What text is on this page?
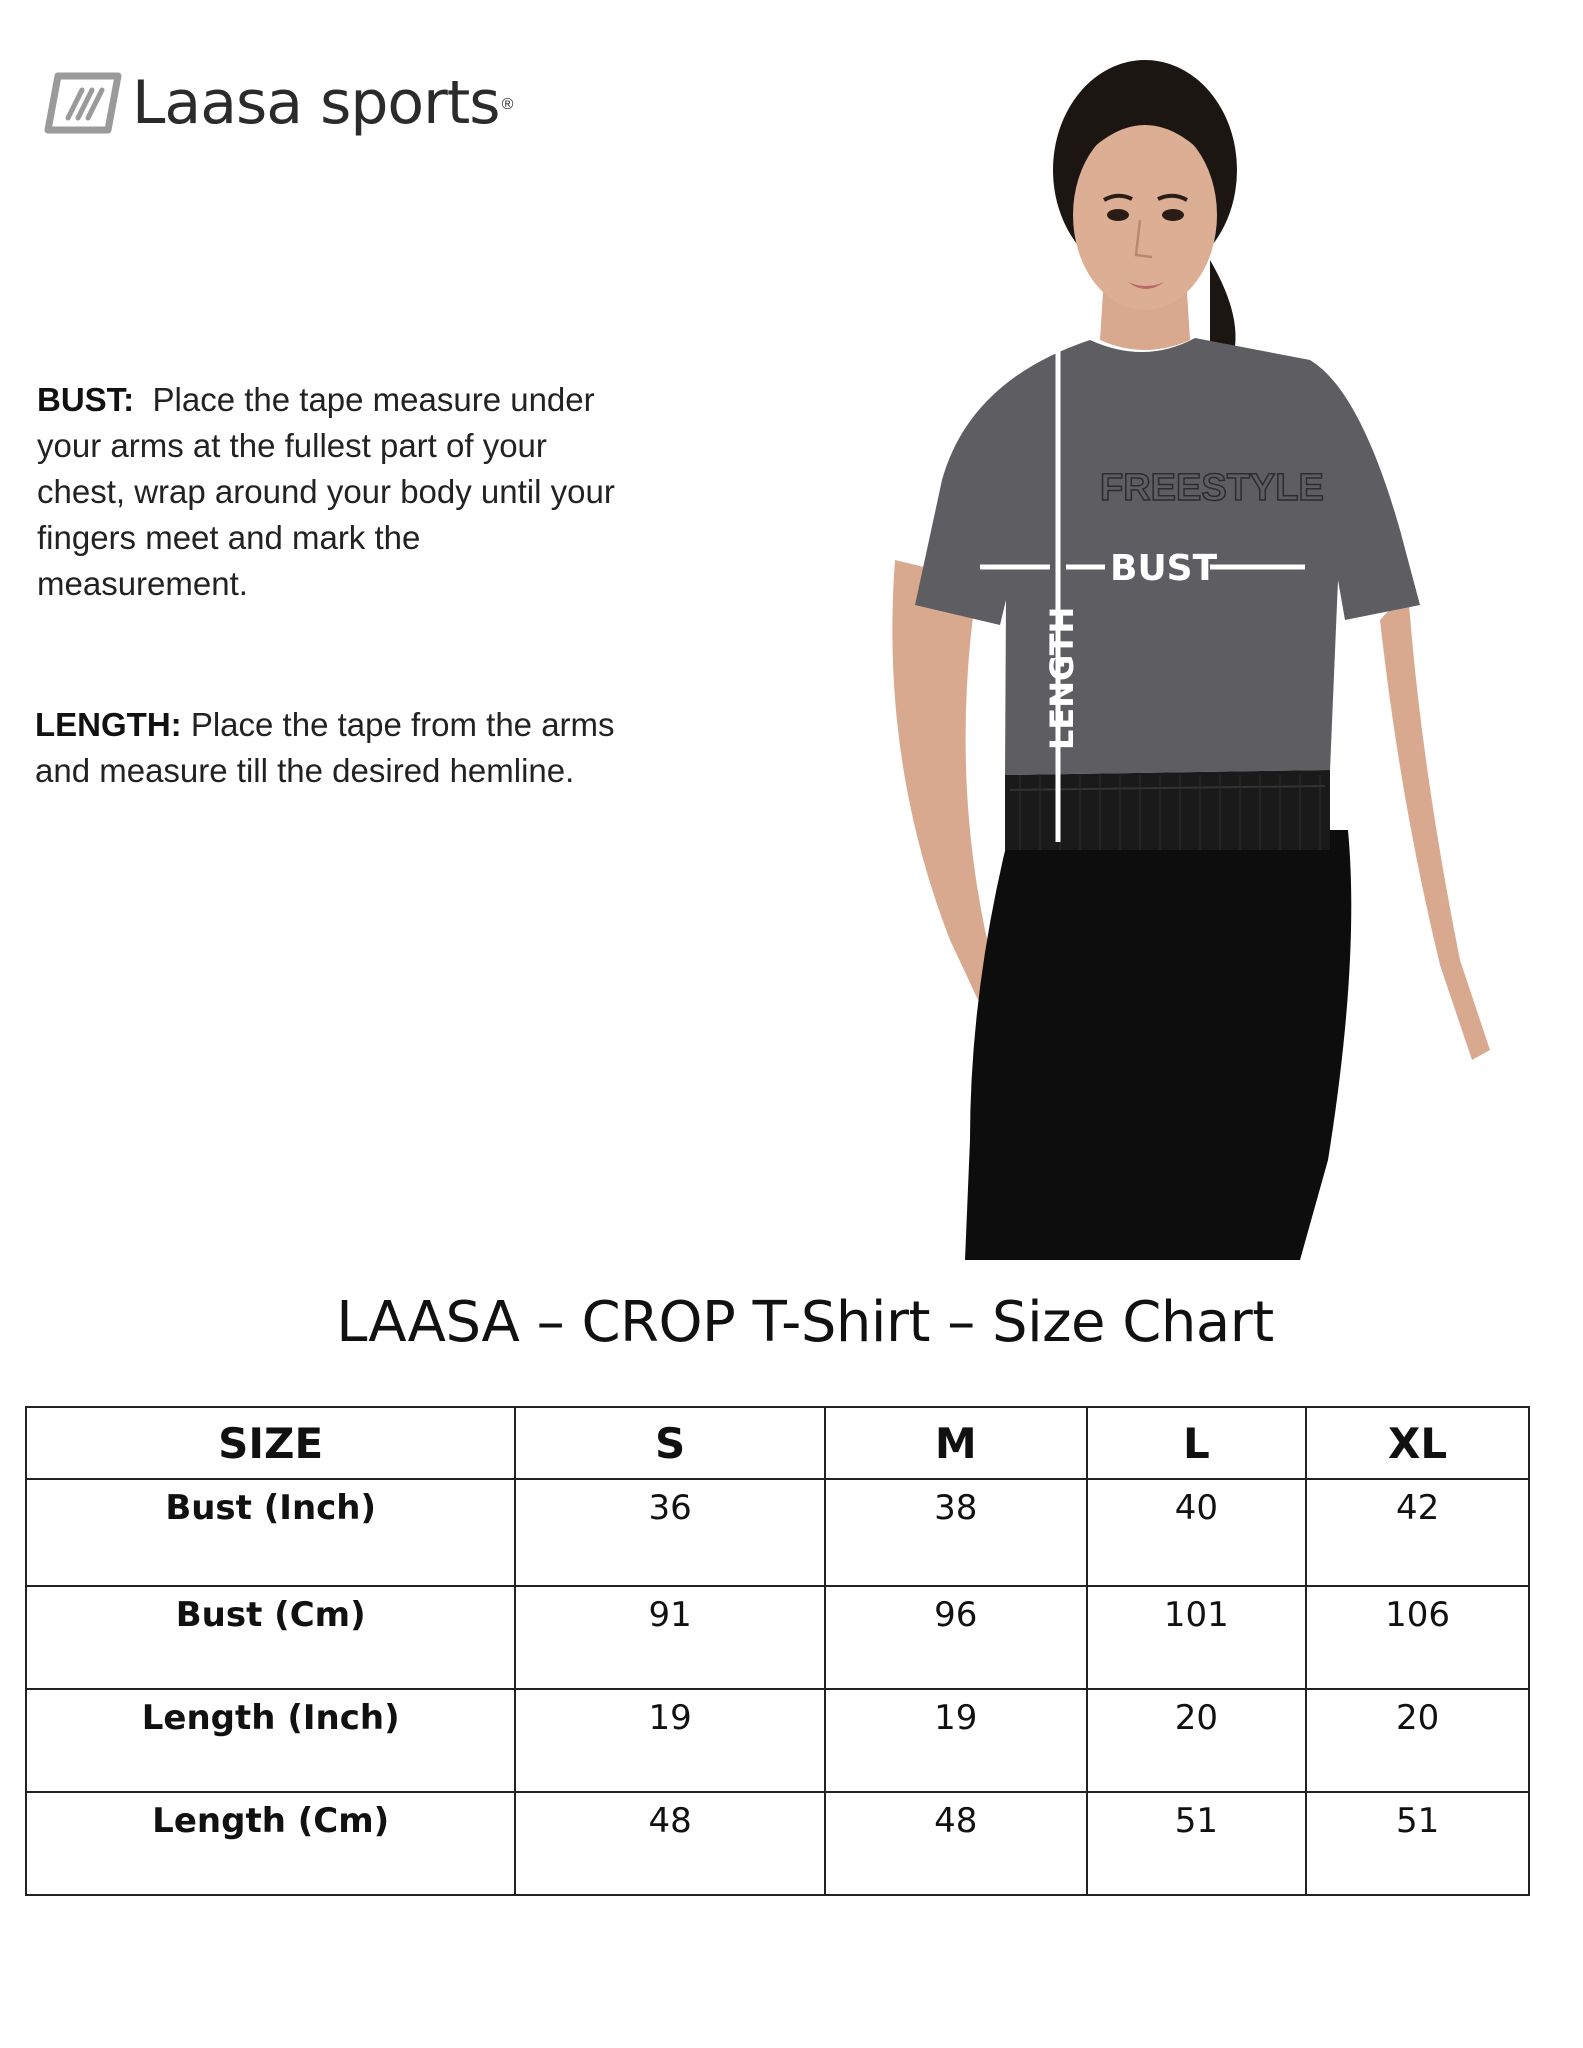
Laasa sports ®
BUST: Place the tape measure under your arms at the fullest part of your chest, wrap around your body until your fingers meet and mark the measurement.
LENGTH: Place the tape from the arms and measure till the desired hemline.
FREESTYLE
BUST
LENGTH
LAASA – CROP T-Shirt – Size Chart
SIZE	S	M	L	XL
Bust (Inch)	36	38	40	42
Bust (Cm)	91	96	101	106
Length (Inch)	19	19	20	20
Length (Cm)	48	48	51	51
